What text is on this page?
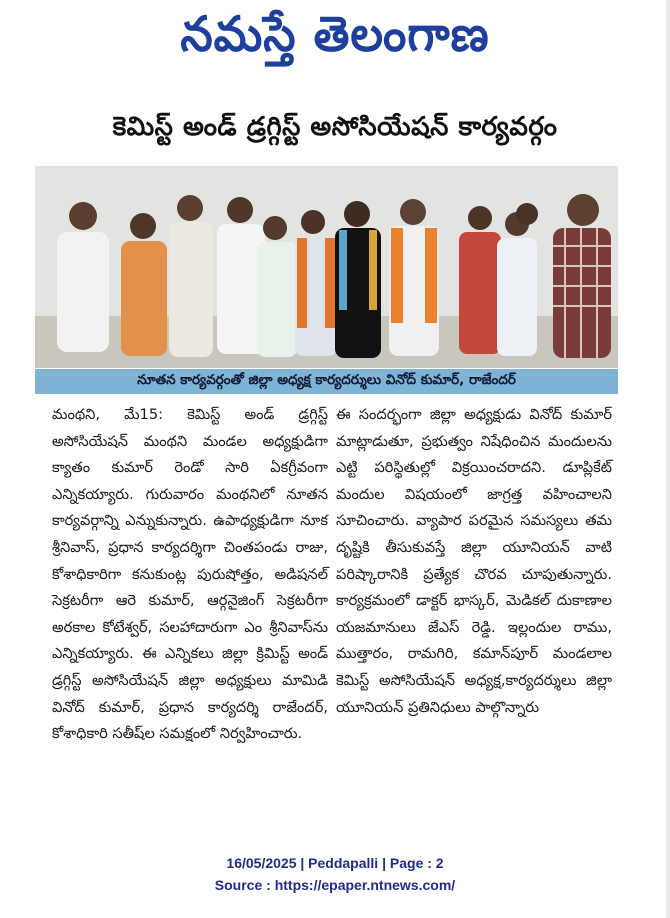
నమస్తే తెలంగాణ
కెమిస్ట్ అండ్ డ్రగ్గిస్ట్ అసోసియేషన్ కార్యవర్గం
నూతన కార్యవర్గంతో జిల్లా అధ్యక్ష కార్యదర్శులు వినోద్ కుమార్, రాజేందర్

మంథని, మే15: కెమిస్ట్ అండ్ డ్రగ్గిస్ట్ అసోసియేషన్ మంథని మండల అధ్యక్షుడిగా క్యాతం కుమార్ రెండో సారి ఏకగ్రీవంగా ఎన్నికయ్యారు. గురువారం మంథనిలో నూతన కార్యవర్గాన్ని ఎన్నుకున్నారు. ఉపాధ్యక్షుడిగా నూక శ్రీనివాస్, ప్రధాన కార్యదర్శిగా చింతపండు రాజు, కోశాధికారిగా కనుకుంట్ల పురుషోత్తం, అడిషనల్ సెక్రటరీగా ఆరె కుమార్, ఆర్గనైజింగ్ సెక్రటరీగా అరకాల కోటేశ్వర్, సలహాదారుగా ఎం శ్రీనివాస్‌ను ఎన్నికయ్యారు. ఈ ఎన్నికలు జిల్లా క్రిమిస్ట్ అండ్ డ్రగ్గిస్ట్ అసోసియేషన్ జిల్లా అధ్యక్షులు మామిడి వినోద్ కుమార్, ప్రధాన కార్యదర్శి రాజేందర్, కోశాధికారి సతీష్‌ల సమక్షంలో నిర్వహించారు.

ఈ సందర్భంగా జిల్లా అధ్యక్షుడు వినోద్ కుమార్ మాట్లాడుతూ, ప్రభుత్వం నిషేధించిన మందులను ఎట్టి పరిస్థితుల్లో విక్రయించరాదని. డూప్లికేట్ మందుల విషయంలో జాగ్రత్త వహించాలని సూచించారు. వ్యాపార పరమైన సమస్యలు తమ దృష్టికి తీసుకువస్తే జిల్లా యూనియన్ వాటి పరిష్కారానికి ప్రత్యేక చొరవ చూపుతున్నారు. కార్యక్రమంలో డాక్టర్ భాస్కర్, మెడికల్ దుకాణాల యజమానులు జేఎస్ రెడ్డి. ఇల్లందుల రాము, ముత్తారం, రామగిరి, కమాన్‌పూర్ మండలాల కెమిస్ట్ అసోసియేషన్ అధ్యక్ష,కార్యదర్శులు జిల్లా యూనియన్ ప్రతినిధులు పాల్గొన్నారు

16/05/2025 | Peddapalli | Page : 2
Source : https://epaper.ntnews.com/
